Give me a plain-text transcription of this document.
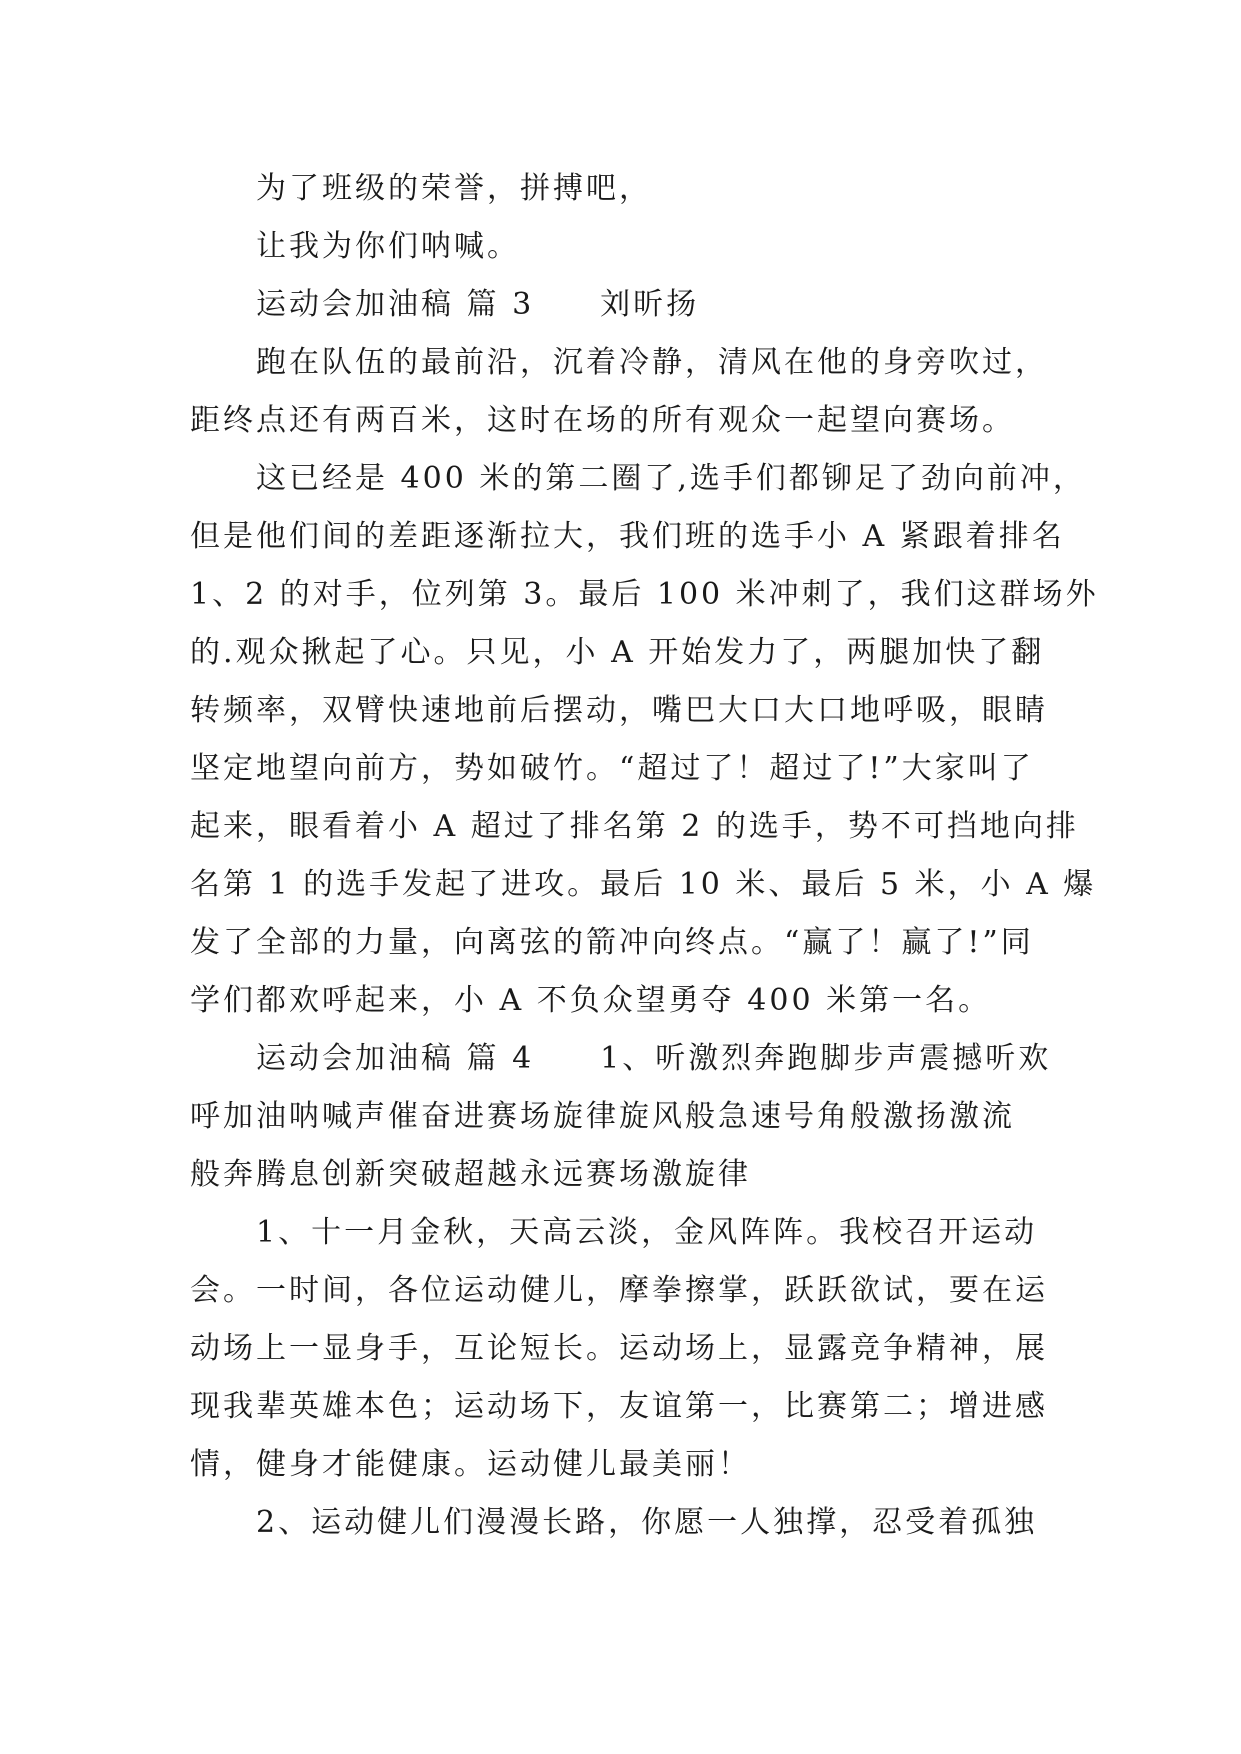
为了班级的荣誉，拼搏吧，
让我为你们呐喊。
运动会加油稿 篇 3 刘昕扬
跑在队伍的最前沿，沉着冷静，清风在他的身旁吹过，
距终点还有两百米，这时在场的所有观众一起望向赛场。
这已经是 400 米的第二圈了,选手们都铆足了劲向前冲，
但是他们间的差距逐渐拉大，我们班的选手小 A 紧跟着排名
1、2 的对手，位列第 3。最后 100 米冲刺了，我们这群场外
的.观众揪起了心。只见，小 A 开始发力了，两腿加快了翻
转频率，双臂快速地前后摆动，嘴巴大口大口地呼吸，眼睛
坚定地望向前方，势如破竹。“超过了！超过了!”大家叫了
起来，眼看着小 A 超过了排名第 2 的选手，势不可挡地向排
名第 1 的选手发起了进攻。最后 10 米、最后 5 米，小 A 爆
发了全部的力量，向离弦的箭冲向终点。“赢了！赢了!”同
学们都欢呼起来，小 A 不负众望勇夺 400 米第一名。
运动会加油稿 篇 4 1、听激烈奔跑脚步声震撼听欢
呼加油呐喊声催奋进赛场旋律旋风般急速号角般激扬激流
般奔腾息创新突破超越永远赛场激旋律
1、十一月金秋，天高云淡，金风阵阵。我校召开运动
会。一时间，各位运动健儿，摩拳擦掌，跃跃欲试，要在运
动场上一显身手，互论短长。运动场上，显露竞争精神，展
现我辈英雄本色；运动场下，友谊第一，比赛第二；增进感
情，健身才能健康。运动健儿最美丽！
2、运动健儿们漫漫长路，你愿一人独撑，忍受着孤独
